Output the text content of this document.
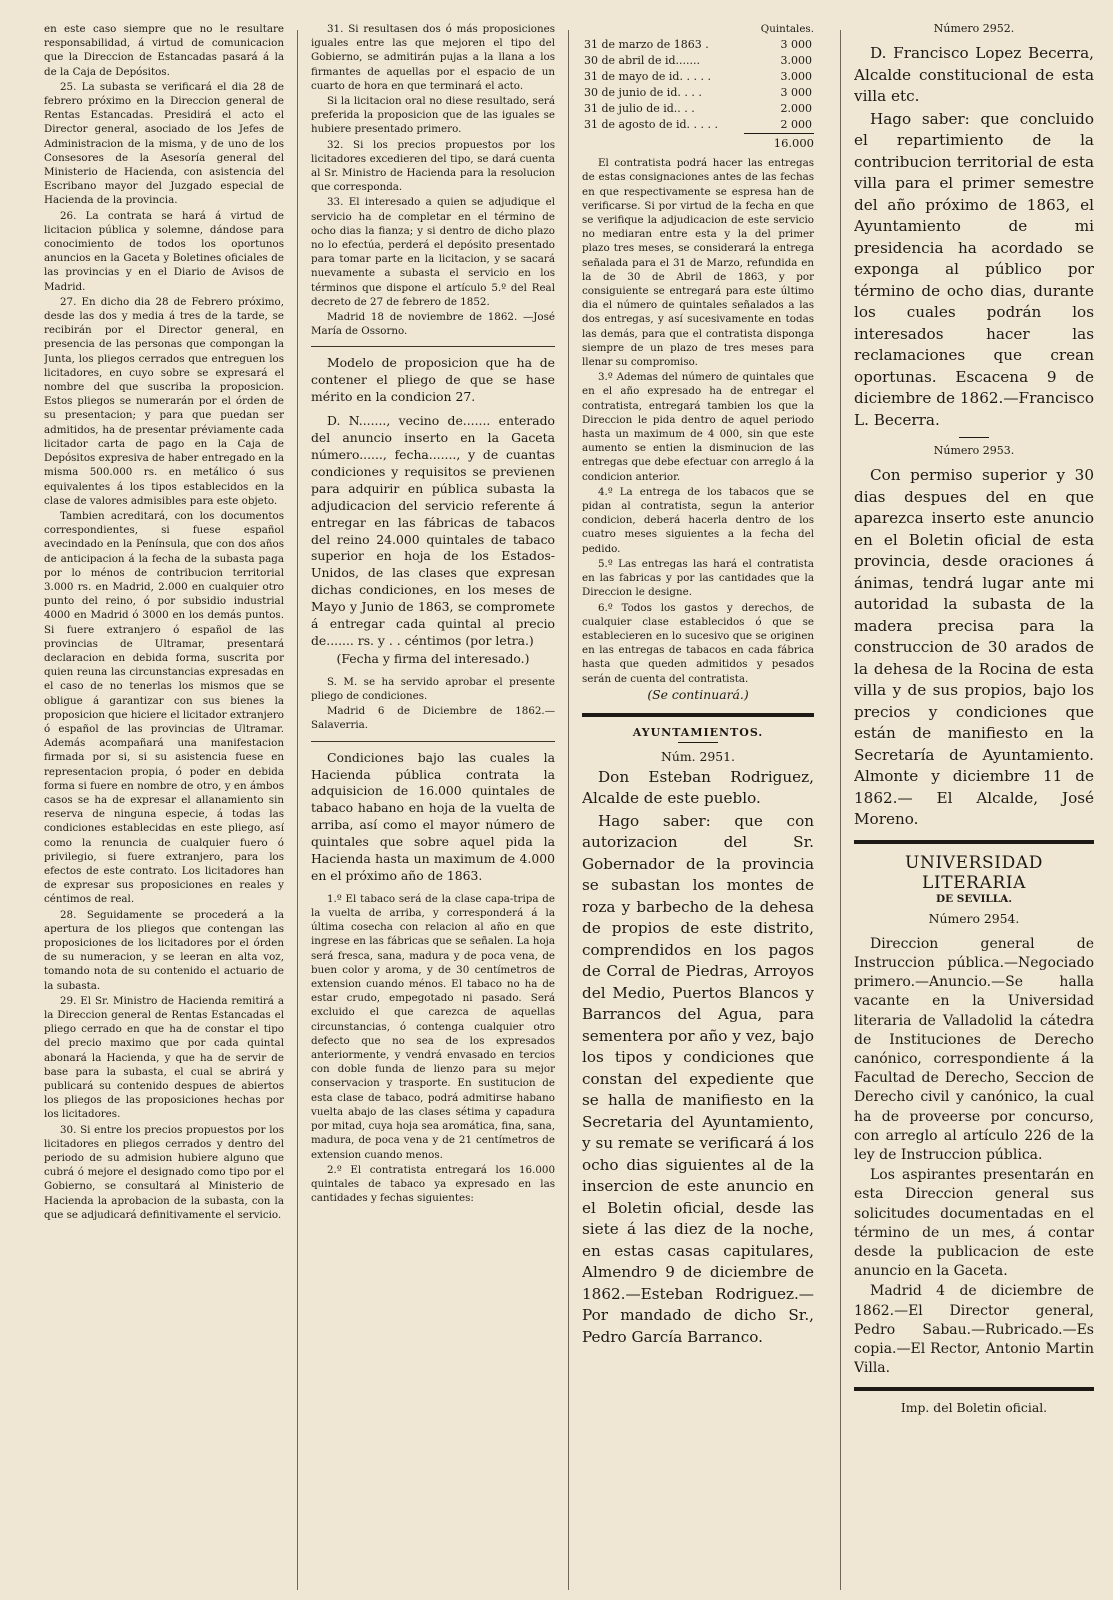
en este caso siempre que no le resultare responsabilidad, á virtud de comunicacion que la Direccion de Estancadas pasará á la de la Caja de Depósitos.

25. La subasta se verificará el dia 28 de febrero próximo en la Direccion general de Rentas Estancadas. Presidirá el acto el Director general, asociado de los Jefes de Administracion de la misma, y de uno de los Consesores de la Asesoría general del Ministerio de Hacienda, con asistencia del Escribano mayor del Juzgado especial de Hacienda de la provincia.

26. La contrata se hará á virtud de licitacion pública y solemne, dándose para conocimiento de todos los oportunos anuncios en la Gaceta y Boletines oficiales de las provincias y en el Diario de Avisos de Madrid.

27. En dicho dia 28 de Febrero próximo, desde las dos y media á tres de la tarde, se recibirán por el Director general, en presencia de las personas que compongan la Junta, los pliegos cerrados que entreguen los licitadores, en cuyo sobre se expresará el nombre del que suscriba la proposicion. Estos pliegos se numerarán por el órden de su presentacion; y para que puedan ser admitidos, ha de presentar préviamente cada licitador carta de pago en la Caja de Depósitos expresiva de haber entregado en la misma 500.000 rs. en metálico ó sus equivalentes á los tipos establecidos en la clase de valores admisibles para este objeto.

Tambien acreditará, con los documentos correspondientes, si fuese español avecindado en la Península, que con dos años de anticipacion á la fecha de la subasta paga por lo ménos de contribucion territorial 3.000 rs. en Madrid, 2.000 en cualquier otro punto del reino, ó por subsidio industrial 4000 en Madrid ó 3000 en los demás puntos. Si fuere extranjero ó español de las provincias de Ultramar, presentará declaracion en debida forma, suscrita por quien reuna las circunstancias expresadas en el caso de no tenerlas los mismos que se obligue á garantizar con sus bienes la proposicion que hiciere el licitador extranjero ó español de las provincias de Ultramar. Además acompañará una manifestacion firmada por si, si su asistencia fuese en representacion propia, ó poder en debida forma si fuere en nombre de otro, y en ámbos casos se ha de expresar el allanamiento sin reserva de ninguna especie, á todas las condiciones establecidas en este pliego, así como la renuncia de cualquier fuero ó privilegio, si fuere extranjero, para los efectos de este contrato. Los licitadores han de expresar sus proposiciones en reales y céntimos de real.

28. Seguidamente se procederá a la apertura de los pliegos que contengan las proposiciones de los licitadores por el órden de su numeracion, y se leeran en alta voz, tomando nota de su contenido el actuario de la subasta.

29. El Sr. Ministro de Hacienda remitirá a la Direccion general de Rentas Estancadas el pliego cerrado en que ha de constar el tipo del precio maximo que por cada quintal abonará la Hacienda, y que ha de servir de base para la subasta, el cual se abrirá y publicará su contenido despues de abiertos los pliegos de las proposiciones hechas por los licitadores.

30. Si entre los precios propuestos por los licitadores en pliegos cerrados y dentro del periodo de su admision hubiere alguno que cubrá ó mejore el designado como tipo por el Gobierno, se consultará al Ministerio de Hacienda la aprobacion de la subasta, con la que se adjudicará definitivamente el servicio.

31. Si resultasen dos ó más proposiciones iguales entre las que mejoren el tipo del Gobierno, se admitirán pujas a la llana a los firmantes de aquellas por el espacio de un cuarto de hora en que terminará el acto.

Si la licitacion oral no diese resultado, será preferida la proposicion que de las iguales se hubiere presentado primero.

32. Si los precios propuestos por los licitadores excedieren del tipo, se dará cuenta al Sr. Ministro de Hacienda para la resolucion que corresponda.

33. El interesado a quien se adjudique el servicio ha de completar en el término de ocho dias la fianza; y si dentro de dicho plazo no lo efectúa, perderá el depósito presentado para tomar parte en la licitacion, y se sacará nuevamente a subasta el servicio en los términos que dispone el artículo 5.º del Real decreto de 27 de febrero de 1852.

Madrid 18 de noviembre de 1862. —José María de Ossorno.

Modelo de proposicion que ha de contener el pliego de que se hase mérito en la condicion 27.

D. N......., vecino de....... enterado del anuncio inserto en la Gaceta número......, fecha......., y de cuantas condiciones y requisitos se previenen para adquirir en pública subasta la adjudicacion del servicio referente á entregar en las fábricas de tabacos del reino 24.000 quintales de tabaco superior en hoja de los Estados-Unidos, de las clases que expresan dichas condiciones, en los meses de Mayo y Junio de 1863, se compromete á entregar cada quintal al precio de....... rs. y . . céntimos (por letra.)

(Fecha y firma del interesado.)

S. M. se ha servido aprobar el presente pliego de condiciones.

Madrid 6 de Diciembre de 1862.— Salaverria.

Condiciones bajo las cuales la Hacienda pública contrata la adquisicion de 16.000 quintales de tabaco habano en hoja de la vuelta de arriba, así como el mayor número de quintales que sobre aquel pida la Hacienda hasta un maximum de 4.000 en el próximo año de 1863.

1.º El tabaco será de la clase capa-tripa de la vuelta de arriba, y corresponderá á la última cosecha con relacion al año en que ingrese en las fábricas que se señalen. La hoja será fresca, sana, madura y de poca vena, de buen color y aroma, y de 30 centímetros de extension cuando ménos. El tabaco no ha de estar crudo, empegotado ni pasado. Será excluido el que carezca de aquellas circunstancias, ó contenga cualquier otro defecto que no sea de los expresados anteriormente, y vendrá envasado en tercios con doble funda de lienzo para su mejor conservacion y trasporte. En sustitucion de esta clase de tabaco, podrá admitirse habano vuelta abajo de las clases sétima y capadura por mitad, cuya hoja sea aromática, fina, sana, madura, de poca vena y de 21 centímetros de extension cuando menos.

2.º El contratista entregará los 16.000 quintales de tabaco ya expresado en las cantidades y fechas siguientes:

Quintales.

31 de marzo de 1863 .	3 000
30 de abril de id.......	3.000
31 de mayo de id. . . . .	3.000
30 de junio de id. . . .	3 000
31 de julio de id.. . .	2.000
31 de agosto de id. . . . .	2 000
16.000

El contratista podrá hacer las entregas de estas consignaciones antes de las fechas en que respectivamente se espresa han de verificarse. Si por virtud de la fecha en que se verifique la adjudicacion de este servicio no mediaran entre esta y la del primer plazo tres meses, se considerará la entrega señalada para el 31 de Marzo, refundida en la de 30 de Abril de 1863, y por consiguiente se entregará para este último dia el número de quintales señalados a las dos entregas, y así sucesivamente en todas las demás, para que el contratista disponga siempre de un plazo de tres meses para llenar su compromiso.

3.º Ademas del número de quintales que en el año expresado ha de entregar el contratista, entregará tambien los que la Direccion le pida dentro de aquel periodo hasta un maximum de 4 000, sin que este aumento se entien la disminucion de las entregas que debe efectuar con arreglo á la condicion anterior.

4.º La entrega de los tabacos que se pidan al contratista, segun la anterior condicion, deberá hacerla dentro de los cuatro meses siguientes a la fecha del pedido.

5.º Las entregas las hará el contratista en las fabricas y por las cantidades que la Direccion le designe.

6.º Todos los gastos y derechos, de cualquier clase establecidos ó que se establecieren en lo sucesivo que se originen en las entregas de tabacos en cada fábrica hasta que queden admitidos y pesados serán de cuenta del contratista.

(Se continuará.)

AYUNTAMIENTOS.

Núm. 2951.

Don Esteban Rodriguez, Alcalde de este pueblo.

Hago saber: que con autorizacion del Sr. Gobernador de la provincia se subastan los montes de roza y barbecho de la dehesa de propios de este distrito, comprendidos en los pagos de Corral de Piedras, Arroyos del Medio, Puertos Blancos y Barrancos del Agua, para sementera por año y vez, bajo los tipos y condiciones que constan del expediente que se halla de manifiesto en la Secretaria del Ayuntamiento, y su remate se verificará á los ocho dias siguientes al de la insercion de este anuncio en el Boletin oficial, desde las siete á las diez de la noche, en estas casas capitulares, Almendro 9 de diciembre de 1862.—Esteban Rodriguez.—Por mandado de dicho Sr., Pedro García Barranco.

Número 2952.

D. Francisco Lopez Becerra, Alcalde constitucional de esta villa etc.

Hago saber: que concluido el repartimiento de la contribucion territorial de esta villa para el primer semestre del año próximo de 1863, el Ayuntamiento de mi presidencia ha acordado se exponga al público por término de ocho dias, durante los cuales podrán los interesados hacer las reclamaciones que crean oportunas. Escacena 9 de diciembre de 1862.—Francisco L. Becerra.

Número 2953.

Con permiso superior y 30 dias despues del en que aparezca inserto este anuncio en el Boletin oficial de esta provincia, desde oraciones á ánimas, tendrá lugar ante mi autoridad la subasta de la madera precisa para la construccion de 30 arados de la dehesa de la Rocina de esta villa y de sus propios, bajo los precios y condiciones que están de manifiesto en la Secretaría de Ayuntamiento. Almonte y diciembre 11 de 1862.— El Alcalde, José Moreno.

UNIVERSIDAD LITERARIA

DE SEVILLA.

Número 2954.

Direccion general de Instruccion pública.—Negociado primero.—Anuncio.—Se halla vacante en la Universidad literaria de Valladolid la cátedra de Instituciones de Derecho canónico, correspondiente á la Facultad de Derecho, Seccion de Derecho civil y canónico, la cual ha de proveerse por concurso, con arreglo al artículo 226 de la ley de Instruccion pública.

Los aspirantes presentarán en esta Direccion general sus solicitudes documentadas en el término de un mes, á contar desde la publicacion de este anuncio en la Gaceta.

Madrid 4 de diciembre de 1862.—El Director general, Pedro Sabau.—Rubricado.—Es copia.—El Rector, Antonio Martin Villa.

Imp. del Boletin oficial.
